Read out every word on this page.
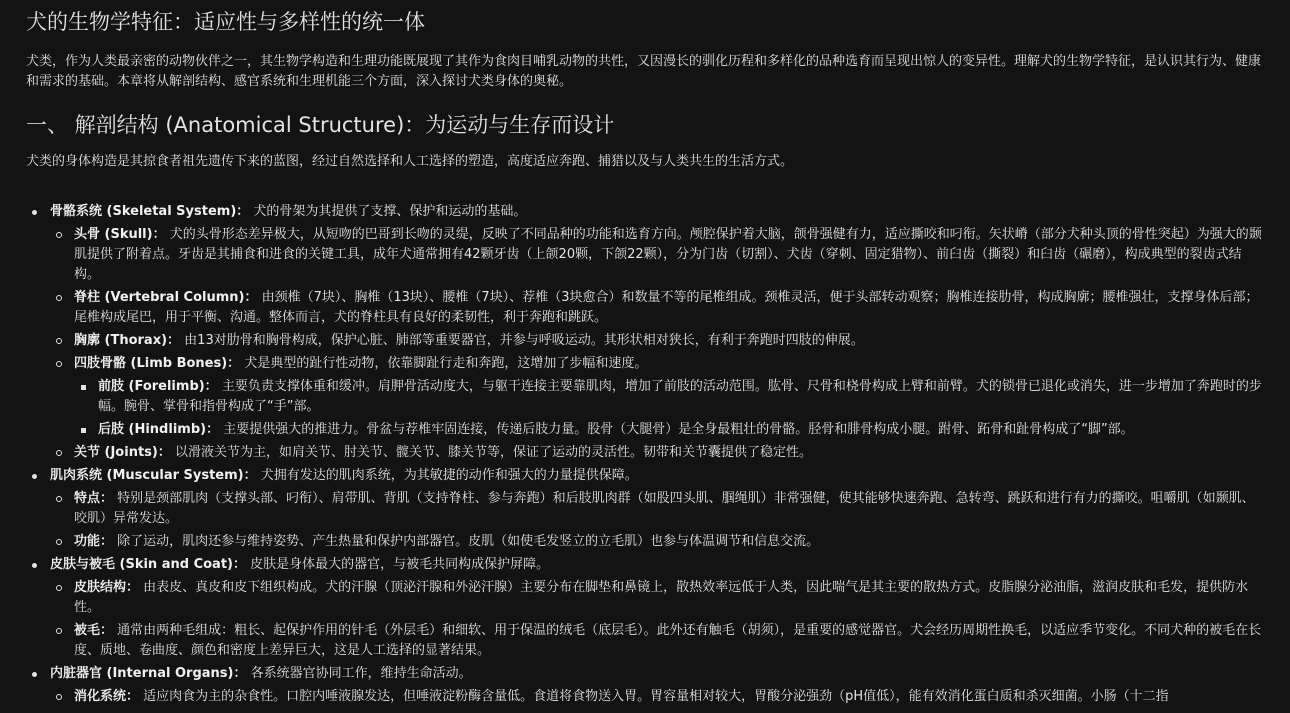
犬的生物学特征：适应性与多样性的统一体

犬类，作为人类最亲密的动物伙伴之一，其生物学构造和生理功能既展现了其作为食肉目哺乳动物的共性，又因漫长的驯化历程和多样化的品种选育而呈现出惊人的变异性。理解犬的生物学特征，是认识其行为、健康和需求的基础。本章将从解剖结构、感官系统和生理机能三个方面，深入探讨犬类身体的奥秘。

一、 解剖结构 (Anatomical Structure)：为运动与生存而设计

犬类的身体构造是其掠食者祖先遗传下来的蓝图，经过自然选择和人工选择的塑造，高度适应奔跑、捕猎以及与人类共生的生活方式。

骨骼系统 (Skeletal System)： 犬的骨架为其提供了支撑、保护和运动的基础。
头骨 (Skull)： 犬的头骨形态差异极大，从短吻的巴哥到长吻的灵缇，反映了不同品种的功能和选育方向。颅腔保护着大脑，颌骨强健有力，适应撕咬和叼衔。矢状嵴（部分犬种头顶的骨性突起）为强大的颞肌提供了附着点。牙齿是其捕食和进食的关键工具，成年犬通常拥有42颗牙齿（上颌20颗，下颌22颗），分为门齿（切割）、犬齿（穿刺、固定猎物）、前臼齿（撕裂）和臼齿（碾磨），构成典型的裂齿式结构。
脊柱 (Vertebral Column)： 由颈椎（7块）、胸椎（13块）、腰椎（7块）、荐椎（3块愈合）和数量不等的尾椎组成。颈椎灵活，便于头部转动观察；胸椎连接肋骨，构成胸廓；腰椎强壮，支撑身体后部；尾椎构成尾巴，用于平衡、沟通。整体而言，犬的脊柱具有良好的柔韧性，利于奔跑和跳跃。
胸廓 (Thorax)： 由13对肋骨和胸骨构成，保护心脏、肺部等重要器官，并参与呼吸运动。其形状相对狭长，有利于奔跑时四肢的伸展。
四肢骨骼 (Limb Bones)： 犬是典型的趾行性动物，依靠脚趾行走和奔跑，这增加了步幅和速度。
前肢 (Forelimb)： 主要负责支撑体重和缓冲。肩胛骨活动度大，与躯干连接主要靠肌肉，增加了前肢的活动范围。肱骨、尺骨和桡骨构成上臂和前臂。犬的锁骨已退化或消失，进一步增加了奔跑时的步幅。腕骨、掌骨和指骨构成了“手”部。
后肢 (Hindlimb)： 主要提供强大的推进力。骨盆与荐椎牢固连接，传递后肢力量。股骨（大腿骨）是全身最粗壮的骨骼。胫骨和腓骨构成小腿。跗骨、跖骨和趾骨构成了“脚”部。
关节 (Joints)： 以滑液关节为主，如肩关节、肘关节、髋关节、膝关节等，保证了运动的灵活性。韧带和关节囊提供了稳定性。
肌肉系统 (Muscular System)： 犬拥有发达的肌肉系统，为其敏捷的动作和强大的力量提供保障。
特点： 特别是颈部肌肉（支撑头部、叼衔）、肩带肌、背肌（支持脊柱、参与奔跑）和后肢肌肉群（如股四头肌、腘绳肌）非常强健，使其能够快速奔跑、急转弯、跳跃和进行有力的撕咬。咀嚼肌（如颞肌、咬肌）异常发达。
功能： 除了运动，肌肉还参与维持姿势、产生热量和保护内部器官。皮肌（如使毛发竖立的立毛肌）也参与体温调节和信息交流。
皮肤与被毛 (Skin and Coat)： 皮肤是身体最大的器官，与被毛共同构成保护屏障。
皮肤结构： 由表皮、真皮和皮下组织构成。犬的汗腺（顶泌汗腺和外泌汗腺）主要分布在脚垫和鼻镜上，散热效率远低于人类，因此喘气是其主要的散热方式。皮脂腺分泌油脂，滋润皮肤和毛发，提供防水性。
被毛： 通常由两种毛组成：粗长、起保护作用的针毛（外层毛）和细软、用于保温的绒毛（底层毛）。此外还有触毛（胡须），是重要的感觉器官。犬会经历周期性换毛，以适应季节变化。不同犬种的被毛在长度、质地、卷曲度、颜色和密度上差异巨大，这是人工选择的显著结果。
内脏器官 (Internal Organs)： 各系统器官协同工作，维持生命活动。
消化系统： 适应肉食为主的杂食性。口腔内唾液腺发达，但唾液淀粉酶含量低。食道将食物送入胃。胃容量相对较大，胃酸分泌强劲（pH值低），能有效消化蛋白质和杀灭细菌。小肠（十二指
